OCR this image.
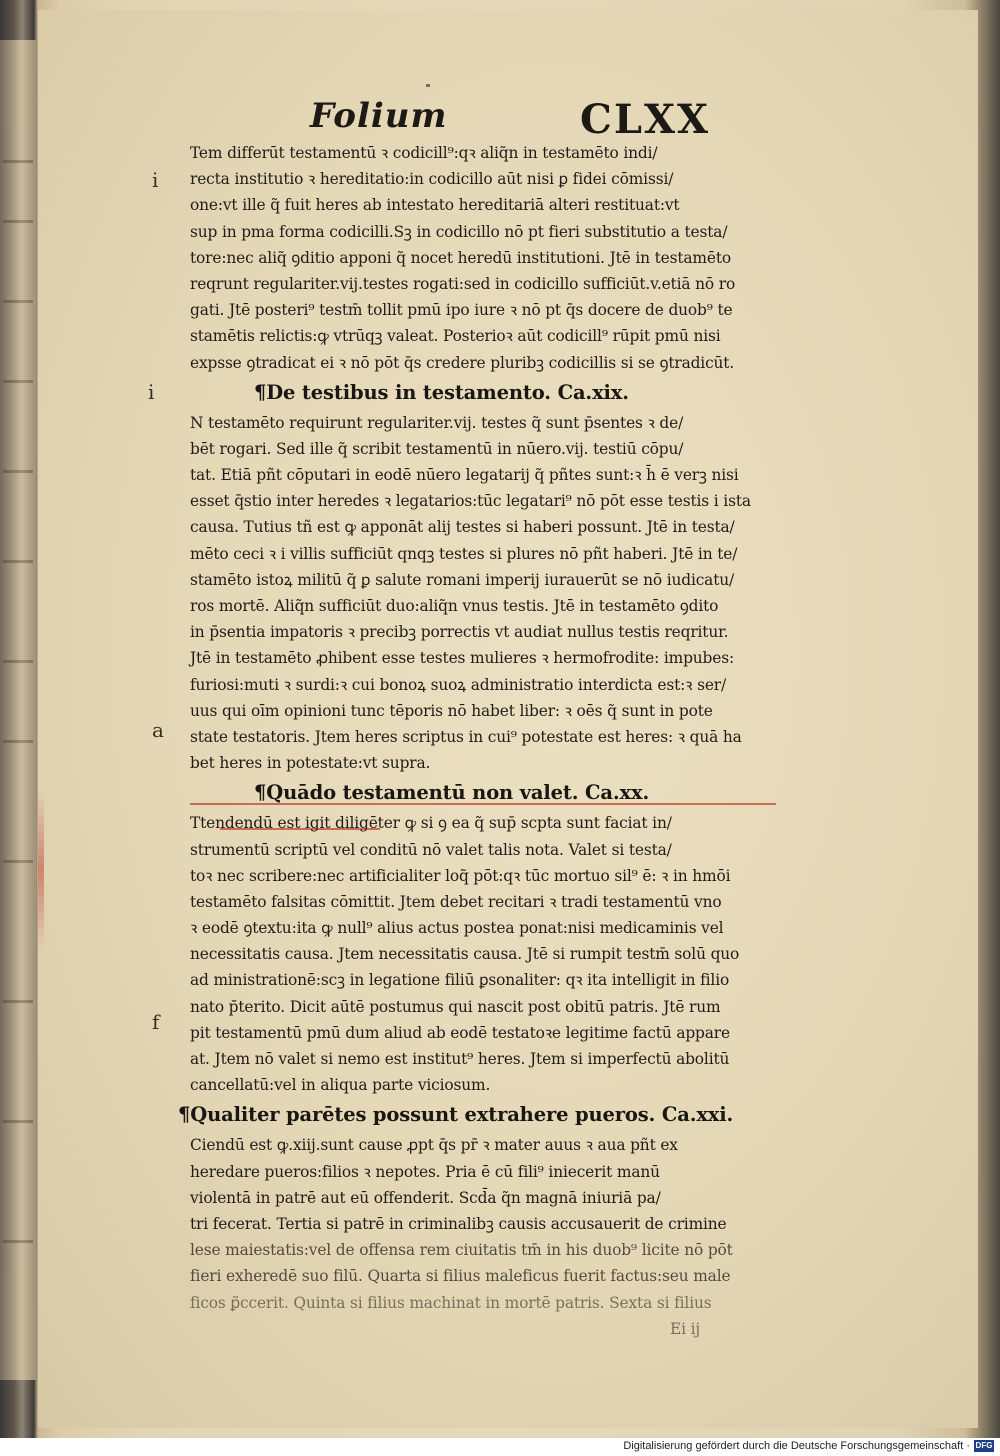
Folium	CLXX
i
i
a
f
Tem differūt testamentū ꝛ codicill⁹:qꝛ aliq̃n in testamēto indi/
recta institutio ꝛ hereditatio:in codicillo aūt nisi ꝑ fidei cōmissi/
one:vt ille q̃ fuit heres ab intestato hereditariā alteri restituat:vt
sup in pma forma codicilli.Sꝫ in codicillo nō pt fieri substitutio a testa/
tore:nec aliq̃ ꝯditio apponi q̃ nocet heredū institutioni. Jtē in testamēto
reqrunt regulariter.vij.testes rogati:sed in codicillo sufficiūt.v.etiā nō ro
gati. Jtē posteri⁹ testm̄ tollit pmū ipo iure ꝛ nō pt q̄s docere de duob⁹ te
stamētis relictis:ꝙ vtrūqꝫ valeat. Posterioꝛ aūt codicill⁹ rūpit pmū nisi
expsse ꝯtradicat ei ꝛ nō pōt q̄s credere pluribꝫ codicillis si se ꝯtradicūt.
¶De testibus in testamento. Ca.xix.
N testamēto requirunt regulariter.vij. testes q̃ sunt p̄sentes ꝛ de/
bēt rogari. Sed ille q̃ scribit testamentū in nūero.vij. testiū cōpu/
tat. Etiā pñt cōputari in eodē nūero legatarij q̃ pñtes sunt:ꝛ h̄ ē verꝫ nisi
esset q̄stio inter heredes ꝛ legatarios:tūc legatari⁹ nō pōt esse testis i ista
causa. Tutius tñ est ꝙ apponāt alij testes si haberi possunt. Jtē in testa/
mēto ceci ꝛ i villis sufficiūt qnqꝫ testes si plures nō pñt haberi. Jtē in te/
stamēto istoꝝ militū q̃ ꝑ salute romani imperij iurauerūt se nō iudicatu/
ros mortē. Aliq̃n sufficiūt duo:aliq̃n vnus testis. Jtē in testamēto ꝯdito
in p̄sentia impatoris ꝛ precibꝫ porrectis vt audiat nullus testis reqritur.
Jtē in testamēto ꝓhibent esse testes mulieres ꝛ hermofrodite: impubes:
furiosi:muti ꝛ surdi:ꝛ cui bonoꝝ suoꝝ administratio interdicta est:ꝛ ser/
uus qui oīm opinioni tunc tēporis nō habet liber: ꝛ oēs q̃ sunt in pote
state testatoris. Jtem heres scriptus in cui⁹ potestate est heres: ꝛ quā ha
bet heres in potestate:vt supra.
¶Quādo testamentū non valet. Ca.xx.
Ttendendū est igit diligēter ꝙ si ꝯ ea q̃ sup̄ scpta sunt faciat in/
strumentū scriptū vel conditū nō valet talis nota. Valet si testa/
toꝛ nec scribere:nec artificialiter loq̃ pōt:qꝛ tūc mortuo sil⁹ ē: ꝛ in hmōi
testamēto falsitas cōmittit. Jtem debet recitari ꝛ tradi testamentū vno
ꝛ eodē ꝯtextu:ita ꝙ null⁹ alius actus postea ponat:nisi medicaminis vel
necessitatis causa. Jtem necessitatis causa. Jtē si rumpit testm̄ solū quo
ad ministrationē:scꝫ in legatione filiū ꝑsonaliter: qꝛ ita intelligit in filio
nato p̄terito. Dicit aūtē postumus qui nascit post obitū patris. Jtē rum
pit testamentū pmū dum aliud ab eodē testatoꝛe legitime factū appare
at. Jtem nō valet si nemo est institut⁹ heres. Jtem si imperfectū abolitū
cancellatū:vel in aliqua parte viciosum.
¶Qualiter parētes possunt extrahere pueros. Ca.xxi.
Ciendū est ꝙ.xiij.sunt cause ꝓpt q̄s pr̄ ꝛ mater auus ꝛ aua pñt ex
heredare pueros:filios ꝛ nepotes. Pria ē cū fili⁹ iniecerit manū
violentā in patrē aut eū offenderit. Scd̄a q̃n magnā iniuriā pa/
tri fecerat. Tertia si patrē in criminalibꝫ causis accusauerit de crimine
lese maiestatis:vel de offensa rem ciuitatis tm̄ in his duob⁹ licite nō pōt
fieri exheredē suo filū. Quarta si filius maleficus fuerit factus:seu male
ficos ꝑ̃ccerit. Quinta si filius machinat in mortē patris. Sexta si filius
Ei ij
Digitalisierung gefördert durch die Deutsche Forschungsgemeinschaft · DFG
